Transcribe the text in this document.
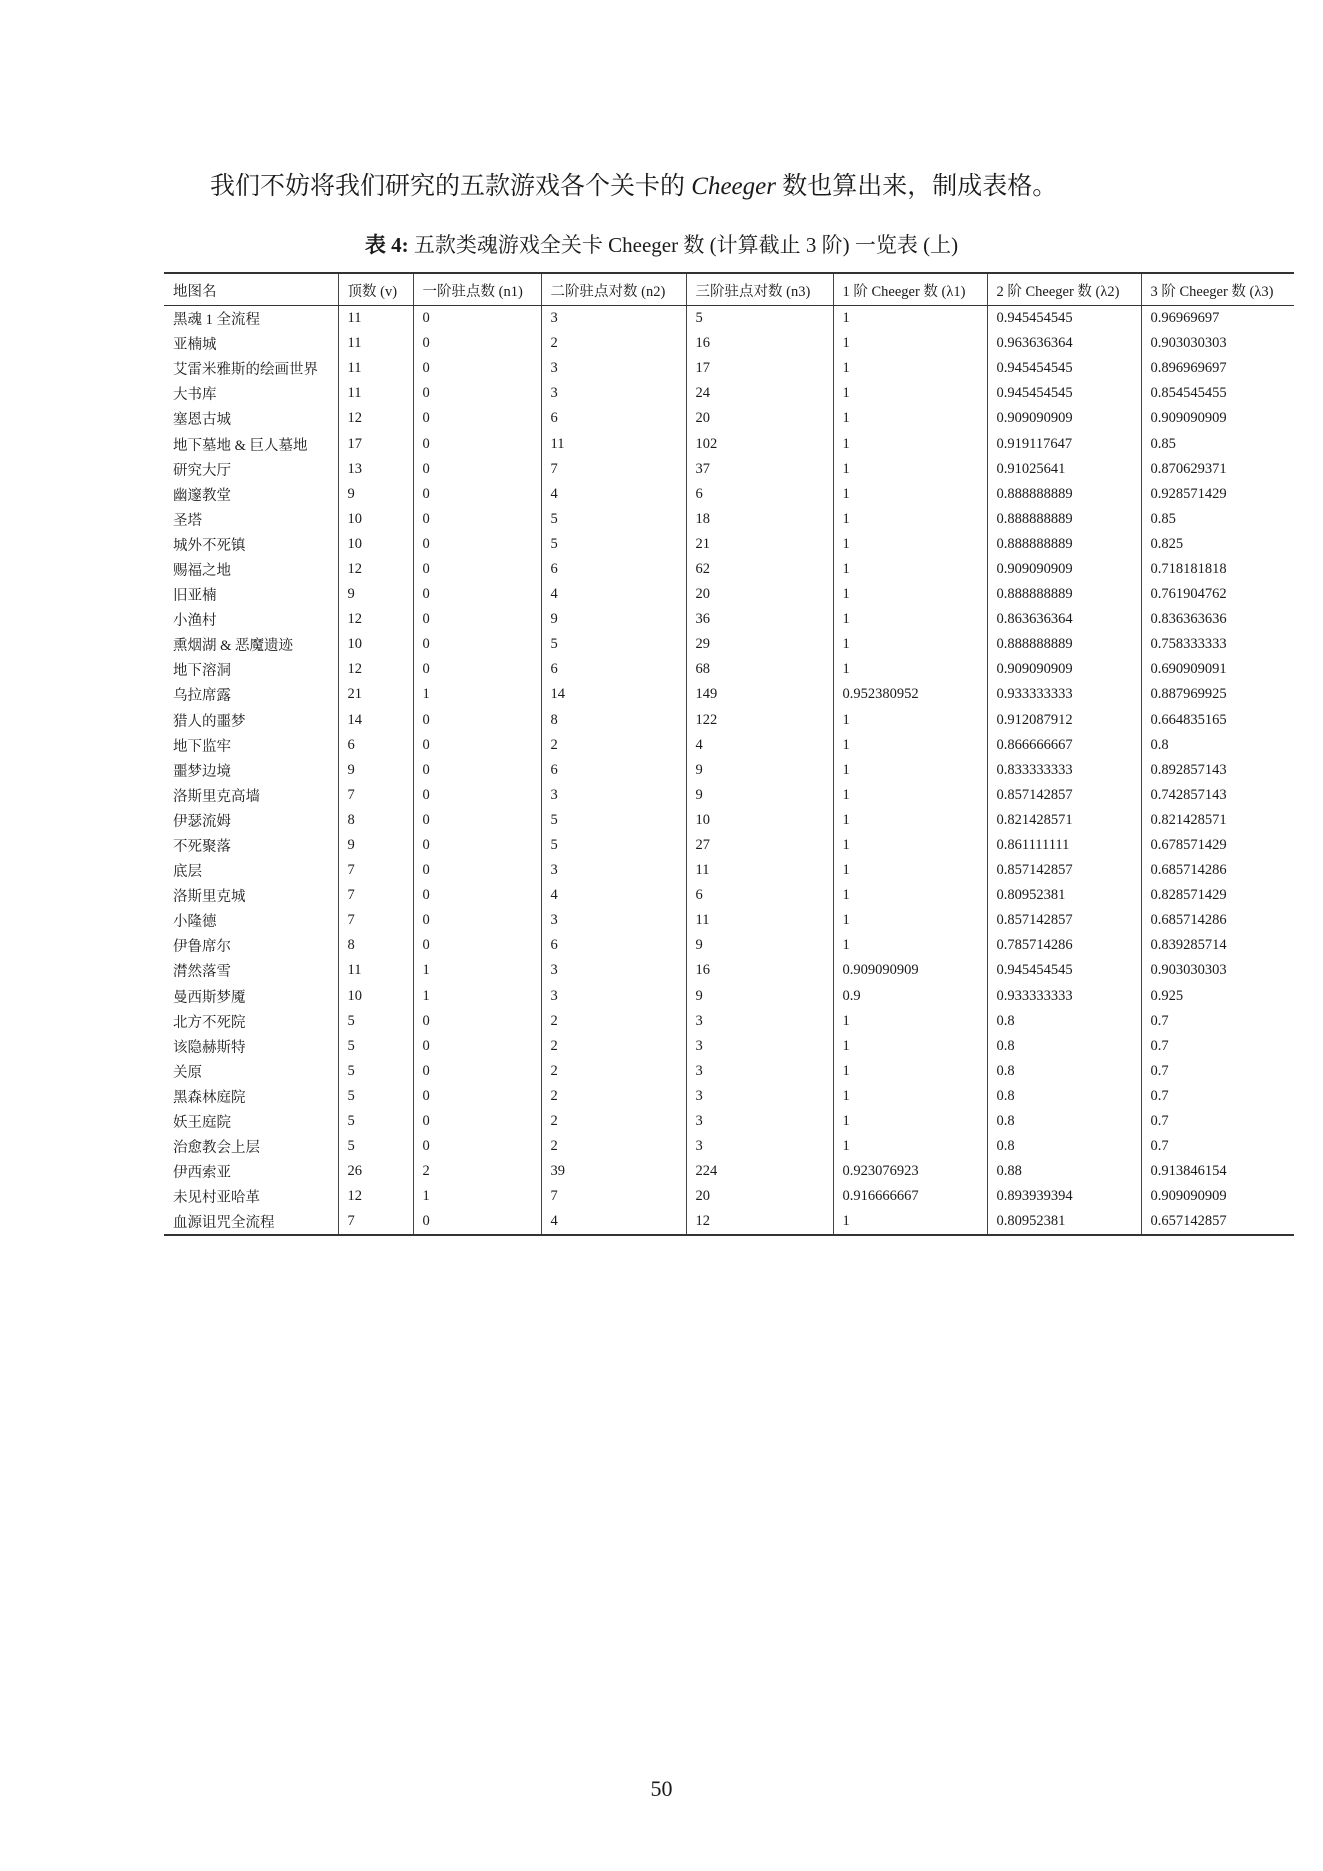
我们不妨将我们研究的五款游戏各个关卡的 Cheeger 数也算出来，制成表格。

表 4: 五款类魂游戏全关卡 Cheeger 数 (计算截止 3 阶) 一览表 (上)
地图名	顶数 (v)	一阶驻点数 (n1)	二阶驻点对数 (n2)	三阶驻点对数 (n3)	1 阶 Cheeger 数 (λ1)	2 阶 Cheeger 数 (λ2)	3 阶 Cheeger 数 (λ3)
黑魂 1 全流程	11	0	3	5	1	0.945454545	0.96969697
亚楠城	11	0	2	16	1	0.963636364	0.903030303
艾雷米雅斯的绘画世界	11	0	3	17	1	0.945454545	0.896969697
大书库	11	0	3	24	1	0.945454545	0.854545455
塞恩古城	12	0	6	20	1	0.909090909	0.909090909
地下墓地 & 巨人墓地	17	0	11	102	1	0.919117647	0.85
研究大厅	13	0	7	37	1	0.91025641	0.870629371
幽邃教堂	9	0	4	6	1	0.888888889	0.928571429
圣塔	10	0	5	18	1	0.888888889	0.85
城外不死镇	10	0	5	21	1	0.888888889	0.825
赐福之地	12	0	6	62	1	0.909090909	0.718181818
旧亚楠	9	0	4	20	1	0.888888889	0.761904762
小渔村	12	0	9	36	1	0.863636364	0.836363636
熏烟湖 & 恶魔遗迹	10	0	5	29	1	0.888888889	0.758333333
地下溶洞	12	0	6	68	1	0.909090909	0.690909091
乌拉席露	21	1	14	149	0.952380952	0.933333333	0.887969925
猎人的噩梦	14	0	8	122	1	0.912087912	0.664835165
地下监牢	6	0	2	4	1	0.866666667	0.8
噩梦边境	9	0	6	9	1	0.833333333	0.892857143
洛斯里克高墙	7	0	3	9	1	0.857142857	0.742857143
伊瑟流姆	8	0	5	10	1	0.821428571	0.821428571
不死聚落	9	0	5	27	1	0.861111111	0.678571429
底层	7	0	3	11	1	0.857142857	0.685714286
洛斯里克城	7	0	4	6	1	0.80952381	0.828571429
小隆德	7	0	3	11	1	0.857142857	0.685714286
伊鲁席尔	8	0	6	9	1	0.785714286	0.839285714
潸然落雪	11	1	3	16	0.909090909	0.945454545	0.903030303
曼西斯梦魇	10	1	3	9	0.9	0.933333333	0.925
北方不死院	5	0	2	3	1	0.8	0.7
该隐赫斯特	5	0	2	3	1	0.8	0.7
关原	5	0	2	3	1	0.8	0.7
黑森林庭院	5	0	2	3	1	0.8	0.7
妖王庭院	5	0	2	3	1	0.8	0.7
治愈教会上层	5	0	2	3	1	0.8	0.7
伊西索亚	26	2	39	224	0.923076923	0.88	0.913846154
未见村亚哈革	12	1	7	20	0.916666667	0.893939394	0.909090909
血源诅咒全流程	7	0	4	12	1	0.80952381	0.657142857
50
